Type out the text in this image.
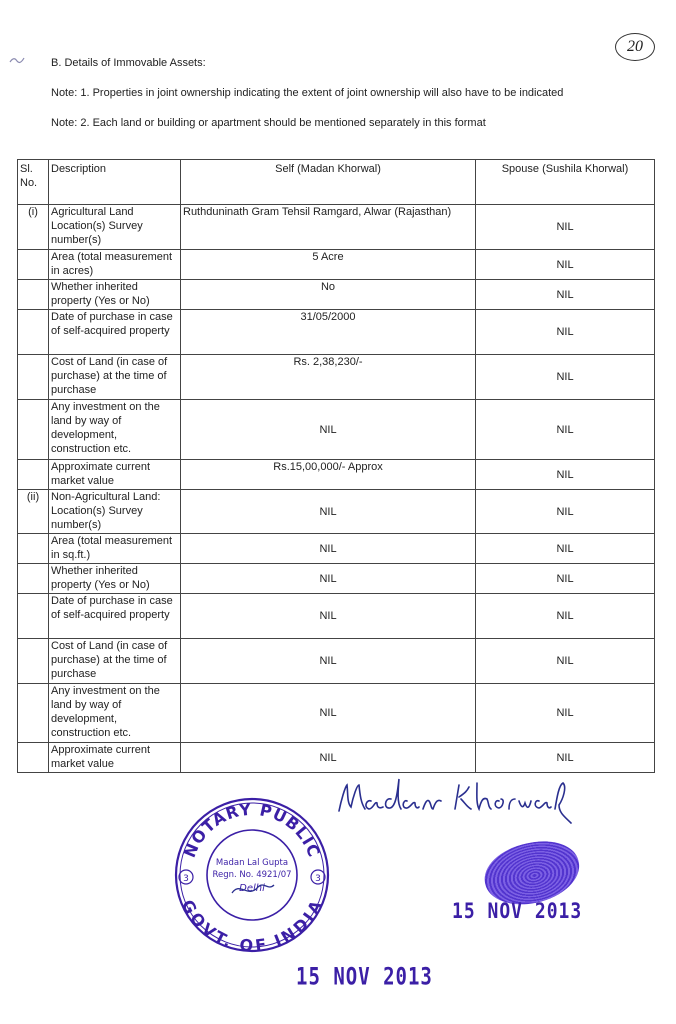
20
B. Details of Immovable Assets:
Note: 1. Properties in joint ownership indicating the extent of joint ownership will also have to be indicated
Note: 2. Each land or building or apartment should be mentioned separately in this format
Sl. No.	Description	Self (Madan Khorwal)	Spouse (Sushila Khorwal)
(i)	Agricultural Land Location(s) Survey number(s)	Ruthduninath Gram Tehsil Ramgard, Alwar (Rajasthan)	NIL
	Area (total measurement in acres)	5 Acre	NIL
	Whether inherited property (Yes or No)	No	NIL
	Date of purchase in case of self-acquired property	31/05/2000	NIL
	Cost of Land (in case of purchase) at the time of purchase	Rs. 2,38,230/-	NIL
	Any investment on the land by way of development, construction etc.	NIL	NIL
	Approximate current market value	Rs.15,00,000/- Approx	NIL
(ii)	Non-Agricultural Land: Location(s) Survey number(s)	NIL	NIL
	Area (total measurement in sq.ft.)	NIL	NIL
	Whether inherited property (Yes or No)	NIL	NIL
	Date of purchase in case of self-acquired property	NIL	NIL
	Cost of Land (in case of purchase) at the time of purchase	NIL	NIL
	Any investment on the land by way of development, construction etc.	NIL	NIL
	Approximate current market value	NIL	NIL
NOTARY PUBLIC
GOVT. OF INDIA
3	3
Madan Lal Gupta
Regn. No. 4921/07
Delhi
15 NOV 2013
15 NOV 2013
